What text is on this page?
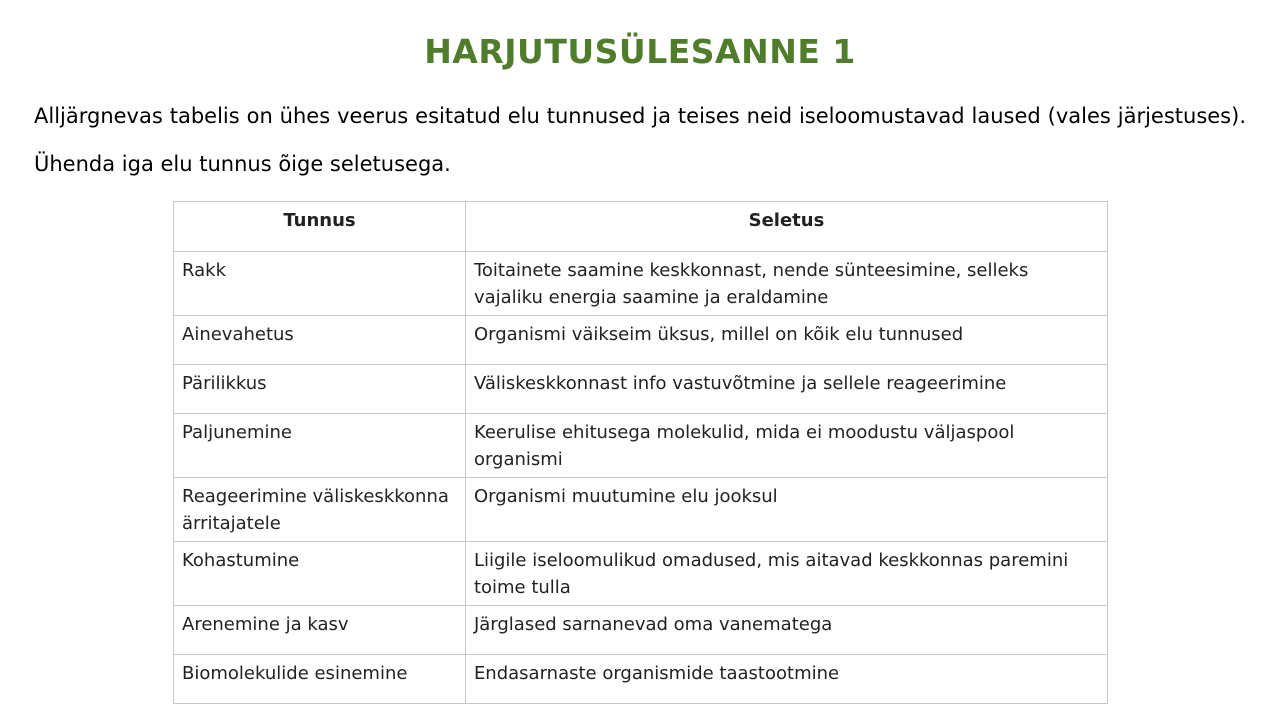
HARJUTUSÜLESANNE 1

Alljärgnevas tabelis on ühes veerus esitatud elu tunnused ja teises neid iseloomustavad laused (vales järjestuses). Ühenda iga elu tunnus õige seletusega.

Tunnus	Seletus
Rakk	Toitainete saamine keskkonnast, nende sünteesimine, selleks vajaliku energia saamine ja eraldamine
Ainevahetus	Organismi väikseim üksus, millel on kõik elu tunnused
Pärilikkus	Väliskeskkonnast info vastuvõtmine ja sellele reageerimine
Paljunemine	Keerulise ehitusega molekulid, mida ei moodustu väljaspool organismi
Reageerimine väliskeskkonna ärritajatele	Organismi muutumine elu jooksul
Kohastumine	Liigile iseloomulikud omadused, mis aitavad keskkonnas paremini toime tulla
Arenemine ja kasv	Järglased sarnanevad oma vanematega
Biomolekulide esinemine	Endasarnaste organismide taastootmine
